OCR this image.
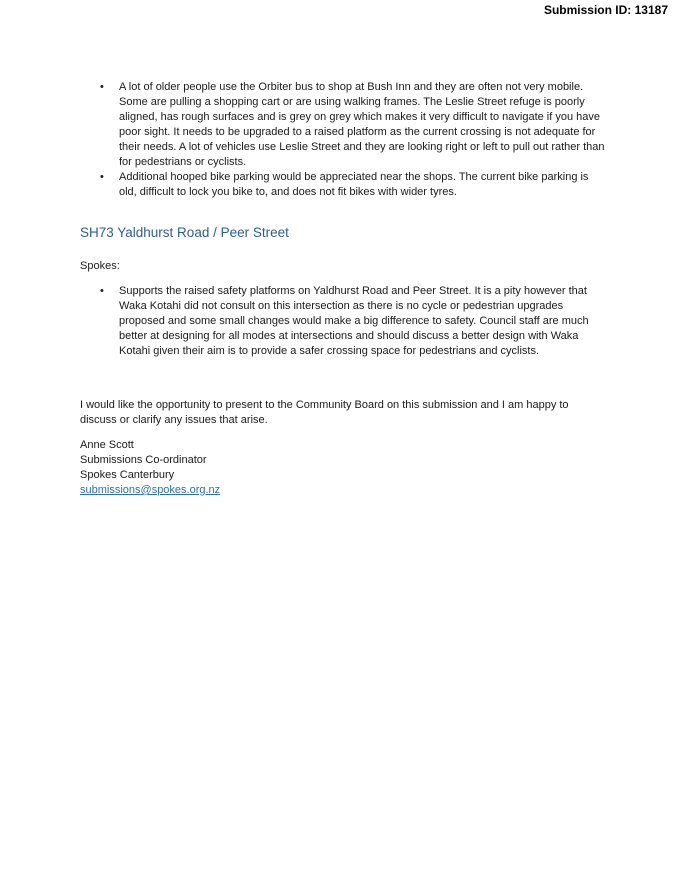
Submission ID: 13187
• A lot of older people use the Orbiter bus to shop at Bush Inn and they are often not very mobile. Some are pulling a shopping cart or are using walking frames. The Leslie Street refuge is poorly aligned, has rough surfaces and is grey on grey which makes it very difficult to navigate if you have poor sight. It needs to be upgraded to a raised platform as the current crossing is not adequate for their needs. A lot of vehicles use Leslie Street and they are looking right or left to pull out rather than for pedestrians or cyclists.
• Additional hooped bike parking would be appreciated near the shops. The current bike parking is old, difficult to lock you bike to, and does not fit bikes with wider tyres.
SH73 Yaldhurst Road / Peer Street
Spokes:
• Supports the raised safety platforms on Yaldhurst Road and Peer Street. It is a pity however that Waka Kotahi did not consult on this intersection as there is no cycle or pedestrian upgrades proposed and some small changes would make a big difference to safety. Council staff are much better at designing for all modes at intersections and should discuss a better design with Waka Kotahi given their aim is to provide a safer crossing space for pedestrians and cyclists.
I would like the opportunity to present to the Community Board on this submission and I am happy to discuss or clarify any issues that arise.
Anne Scott
Submissions Co-ordinator
Spokes Canterbury
submissions@spokes.org.nz
